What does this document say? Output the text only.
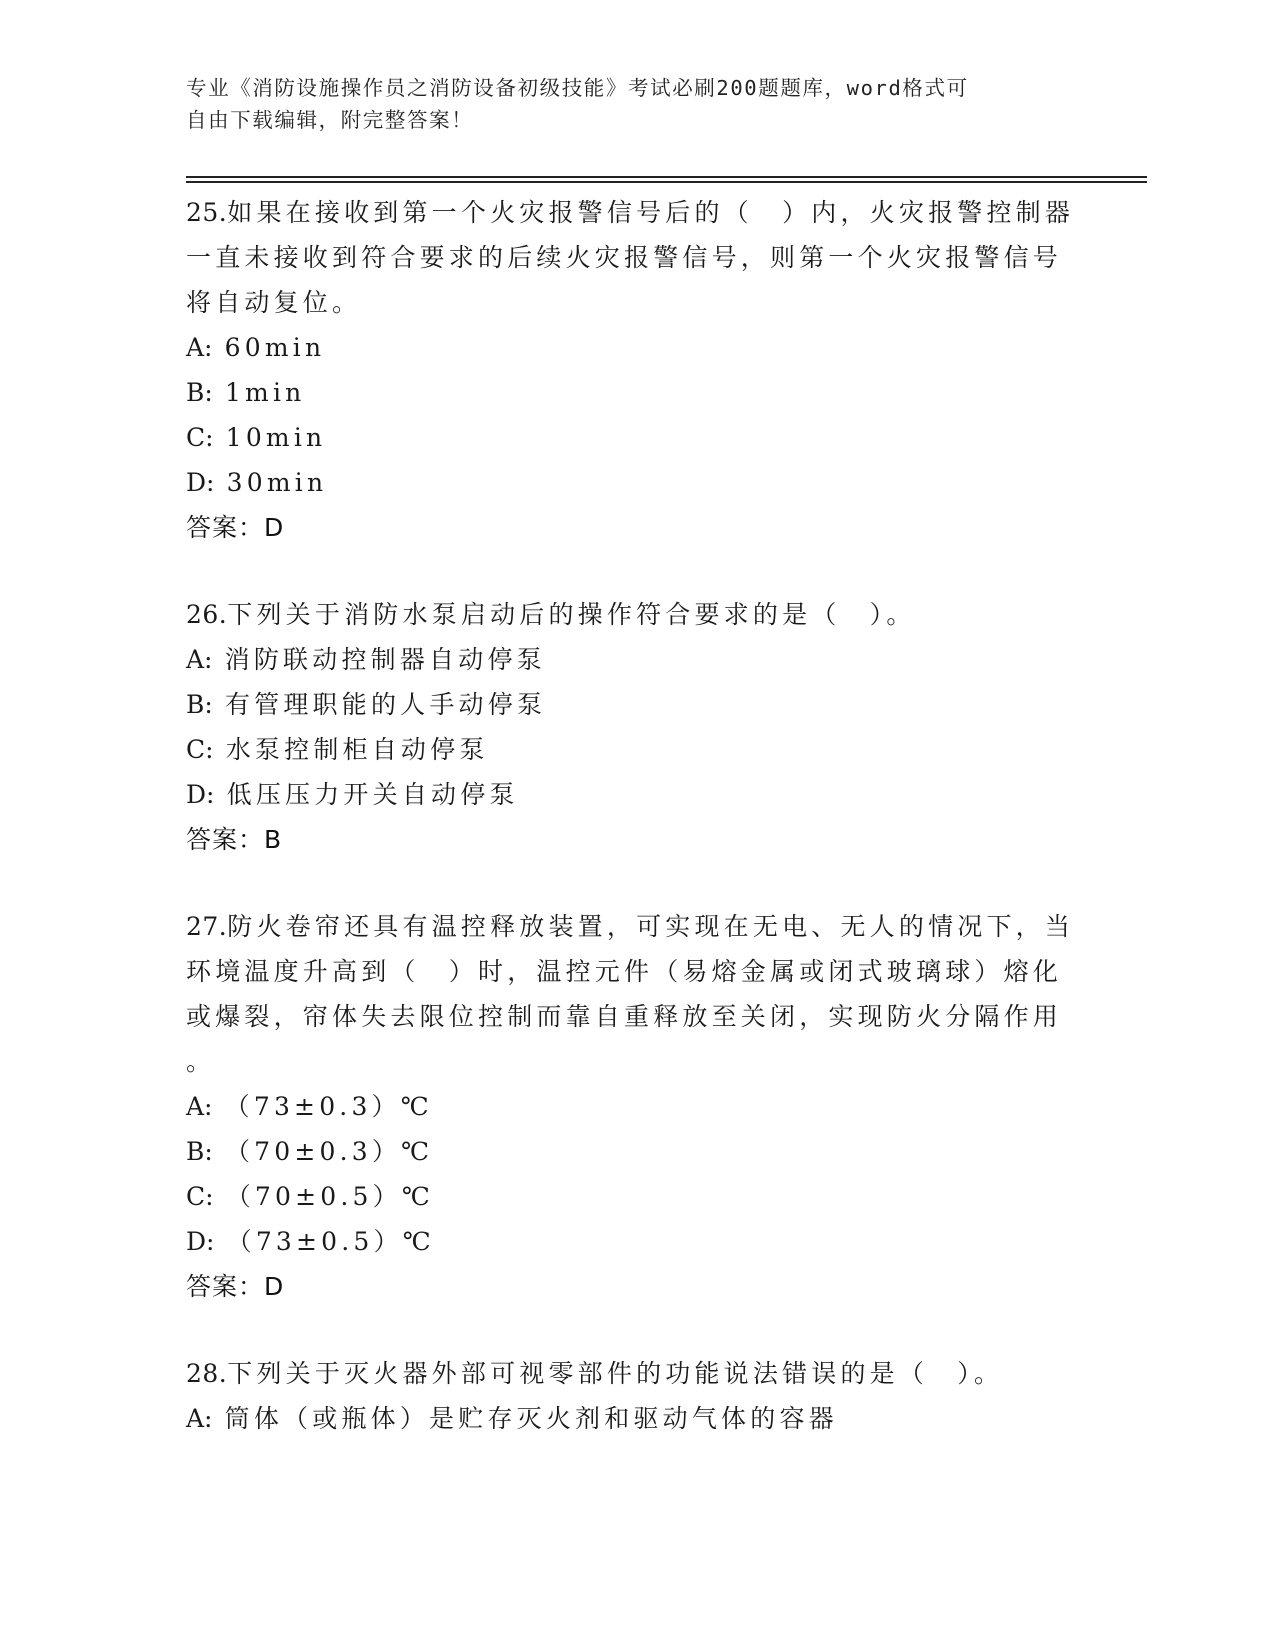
专业《消防设施操作员之消防设备初级技能》考试必刷200题题库，word格式可
自由下载编辑，附完整答案！

25.如果在接收到第一个火灾报警信号后的（　）内，火灾报警控制器

一直未接收到符合要求的后续火灾报警信号，则第一个火灾报警信号

将自动复位。

A: 60min

B: 1min

C: 10min

D: 30min

答案：D

26.下列关于消防水泵启动后的操作符合要求的是（　）。

A: 消防联动控制器自动停泵

B: 有管理职能的人手动停泵

C: 水泵控制柜自动停泵

D: 低压压力开关自动停泵

答案：B

27.防火卷帘还具有温控释放装置，可实现在无电、无人的情况下，当

环境温度升高到（　）时，温控元件（易熔金属或闭式玻璃球）熔化

或爆裂，帘体失去限位控制而靠自重释放至关闭，实现防火分隔作用

。

A: （73±0.3）℃

B: （70±0.3）℃

C: （70±0.5）℃

D: （73±0.5）℃

答案：D

28.下列关于灭火器外部可视零部件的功能说法错误的是（　）。

A: 筒体（或瓶体）是贮存灭火剂和驱动气体的容器
